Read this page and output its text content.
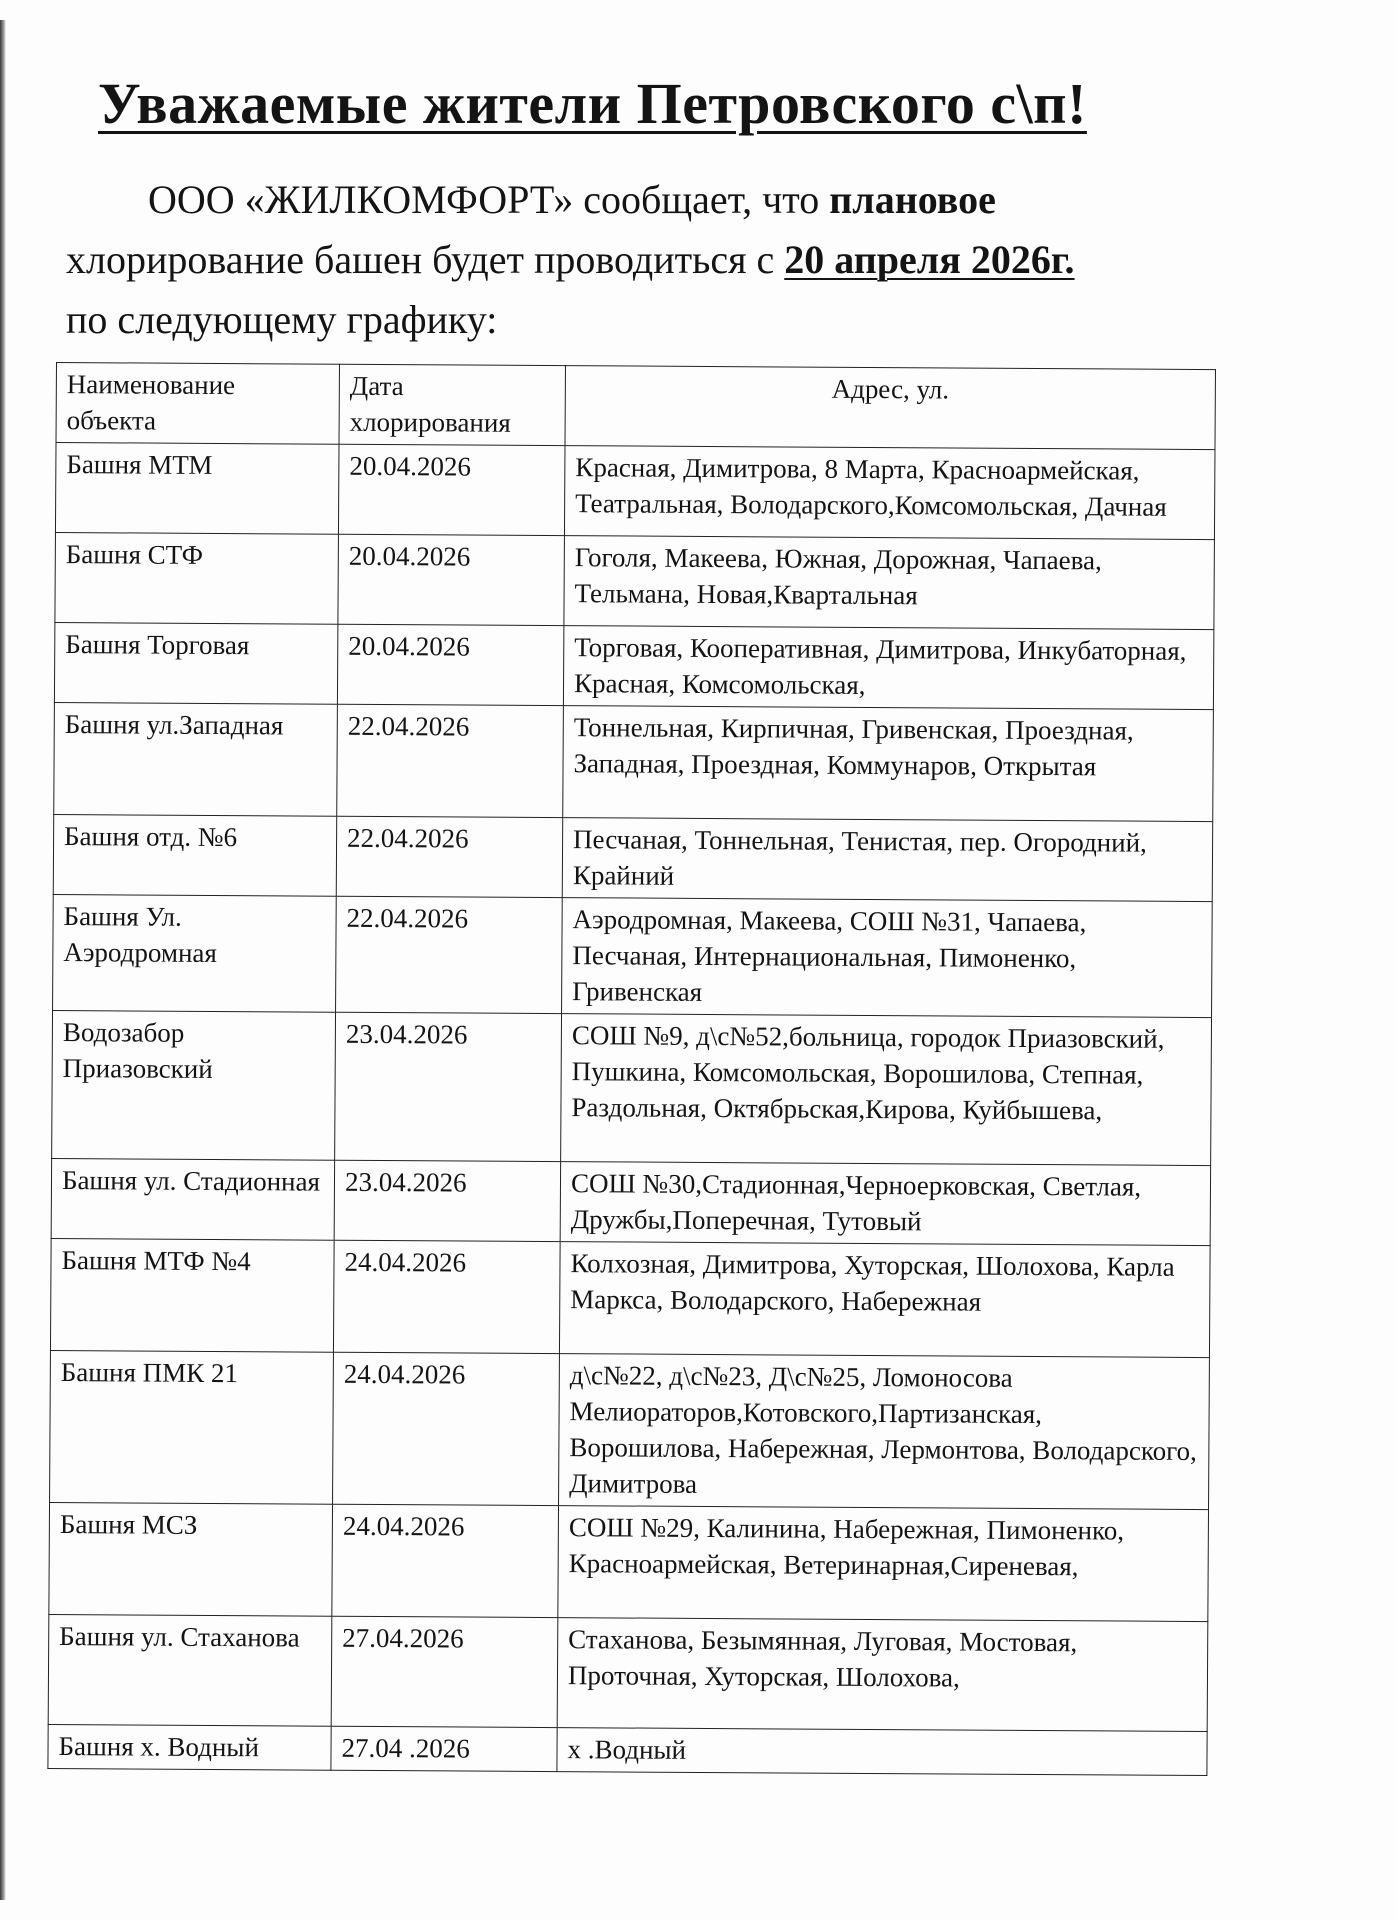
Уважаемые жители Петровского с\п!
ООО «ЖИЛКОМФОРТ» сообщает, что плановое
хлорирование башен будет проводиться с 20 апреля 2026г.
по следующему графику:
Наименование объекта	Дата хлорирования	Адрес, ул.
Башня МТМ	20.04.2026	Красная, Димитрова, 8 Марта, Красноармейская, Театральная, Володарского,Комсомольская, Дачная
Башня СТФ	20.04.2026	Гоголя, Макеева, Южная, Дорожная, Чапаева, Тельмана, Новая,Квартальная
Башня Торговая	20.04.2026	Торговая, Кооперативная, Димитрова, Инкубаторная, Красная, Комсомольская,
Башня ул.Западная	22.04.2026	Тоннельная, Кирпичная, Гривенская, Проездная, Западная, Проездная, Коммунаров, Открытая
Башня отд. №6	22.04.2026	Песчаная, Тоннельная, Тенистая, пер. Огородний, Крайний
Башня Ул. Аэродромная	22.04.2026	Аэродромная, Макеева, СОШ №31, Чапаева, Песчаная, Интернациональная, Пимоненко, Гривенская
Водозабор Приазовский	23.04.2026	СОШ №9, д\с№52,больница, городок Приазовский, Пушкина, Комсомольская, Ворошилова, Степная, Раздольная, Октябрьская,Кирова, Куйбышева,
Башня ул. Стадионная	23.04.2026	СОШ №30,Стадионная,Черноерковская, Светлая, Дружбы,Поперечная, Тутовый
Башня МТФ №4	24.04.2026	Колхозная, Димитрова, Хуторская, Шолохова, Карла Маркса, Володарского, Набережная
Башня ПМК 21	24.04.2026	д\с№22, д\с№23, Д\с№25, Ломоносова Мелиораторов,Котовского,Партизанская, Ворошилова, Набережная, Лермонтова, Володарского, Димитрова
Башня МСЗ	24.04.2026	СОШ №29, Калинина, Набережная, Пимоненко, Красноармейская, Ветеринарная,Сиреневая,
Башня ул. Стаханова	27.04.2026	Стаханова, Безымянная, Луговая, Мостовая, Проточная, Хуторская, Шолохова,
Башня х. Водный	27.04 .2026	х .Водный
